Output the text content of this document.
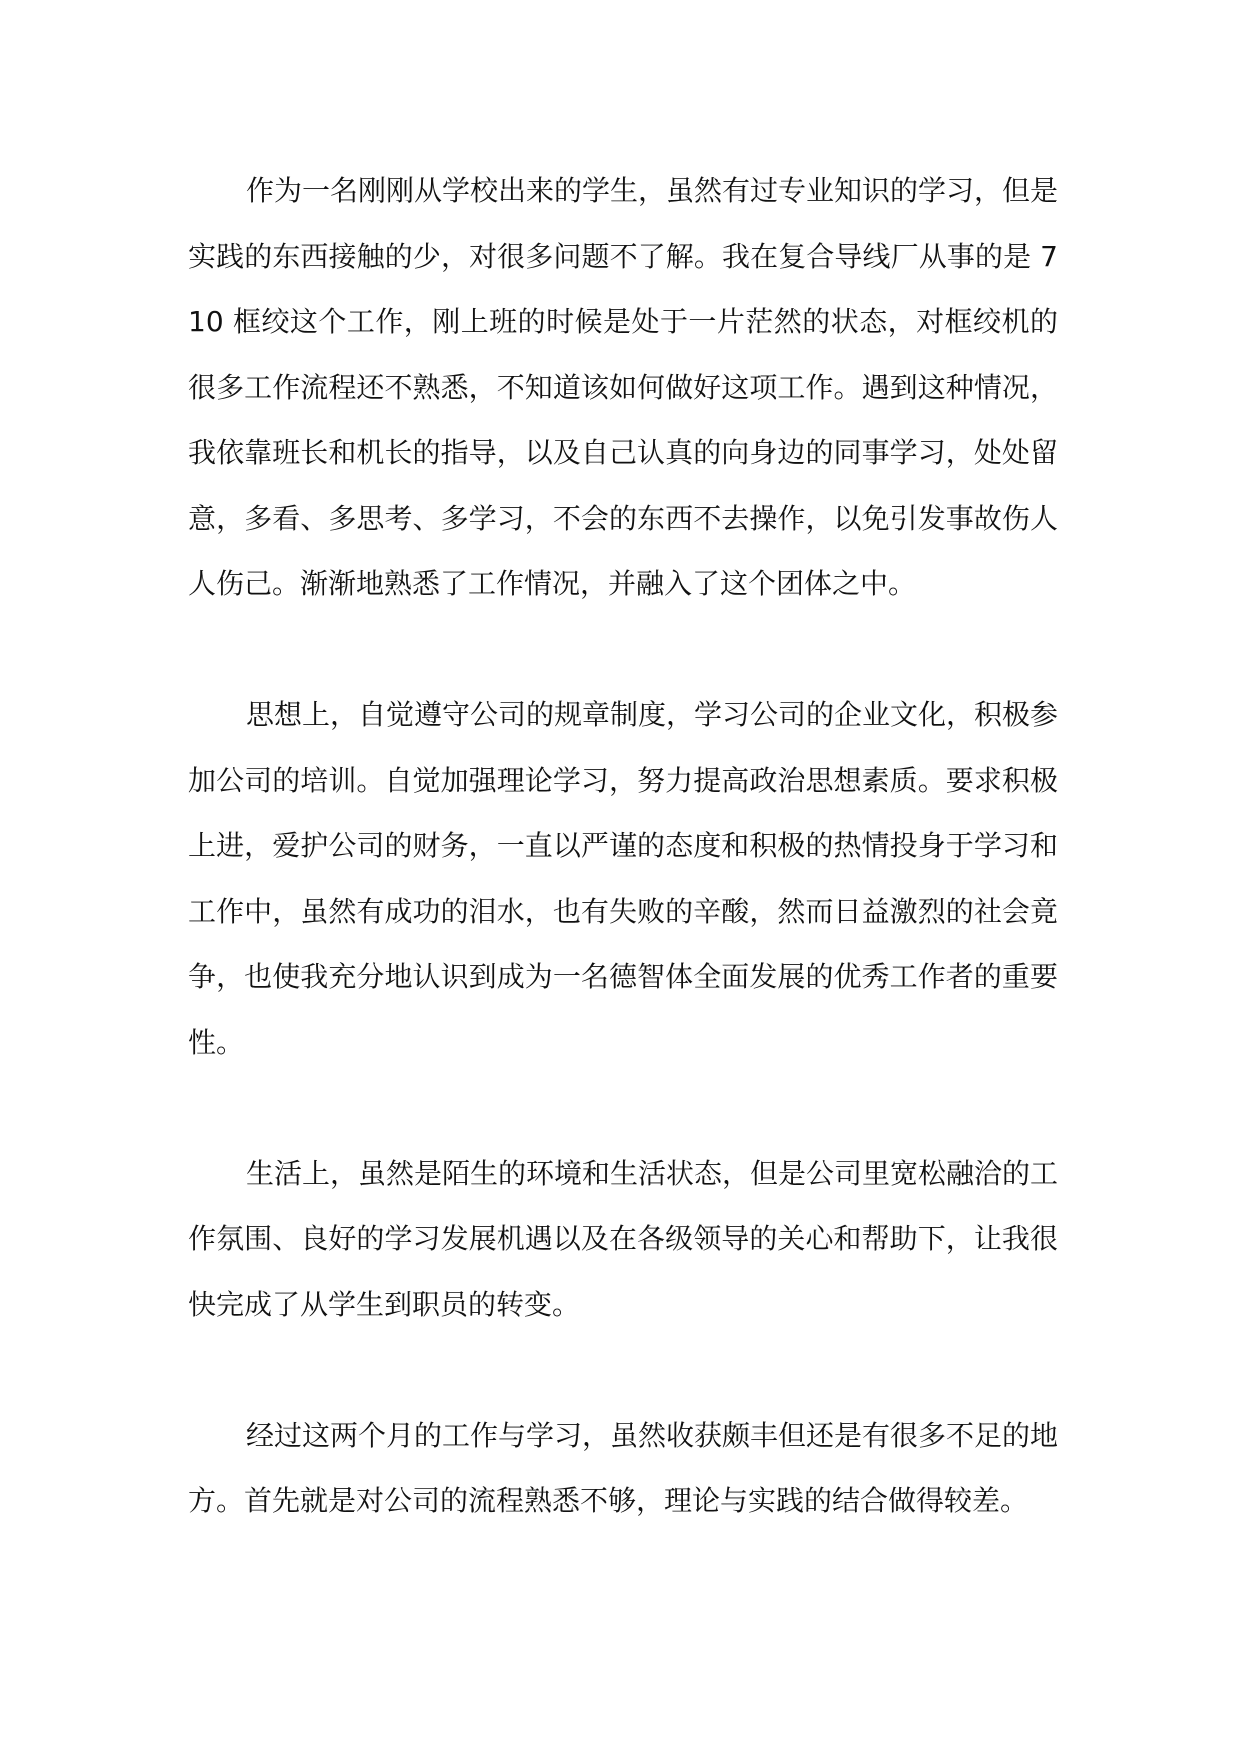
作为一名刚刚从学校出来的学生，虽然有过专业知识的学习，但是实践的东西接触的少，对很多问题不了解。我在复合导线厂从事的是 710 框绞这个工作，刚上班的时候是处于一片茫然的状态，对框绞机的很多工作流程还不熟悉，不知道该如何做好这项工作。遇到这种情况，我依靠班长和机长的指导，以及自己认真的向身边的同事学习，处处留意，多看、多思考、多学习，不会的东西不去操作，以免引发事故伤人人伤己。渐渐地熟悉了工作情况，并融入了这个团体之中。

思想上，自觉遵守公司的规章制度，学习公司的企业文化，积极参加公司的培训。自觉加强理论学习，努力提高政治思想素质。要求积极上进，爱护公司的财务，一直以严谨的态度和积极的热情投身于学习和工作中，虽然有成功的泪水，也有失败的辛酸，然而日益激烈的社会竟争，也使我充分地认识到成为一名德智体全面发展的优秀工作者的重要性。

生活上，虽然是陌生的环境和生活状态，但是公司里宽松融洽的工作氛围、良好的学习发展机遇以及在各级领导的关心和帮助下，让我很快完成了从学生到职员的转变。

经过这两个月的工作与学习，虽然收获颇丰但还是有很多不足的地方。首先就是对公司的流程熟悉不够，理论与实践的结合做得较差。
